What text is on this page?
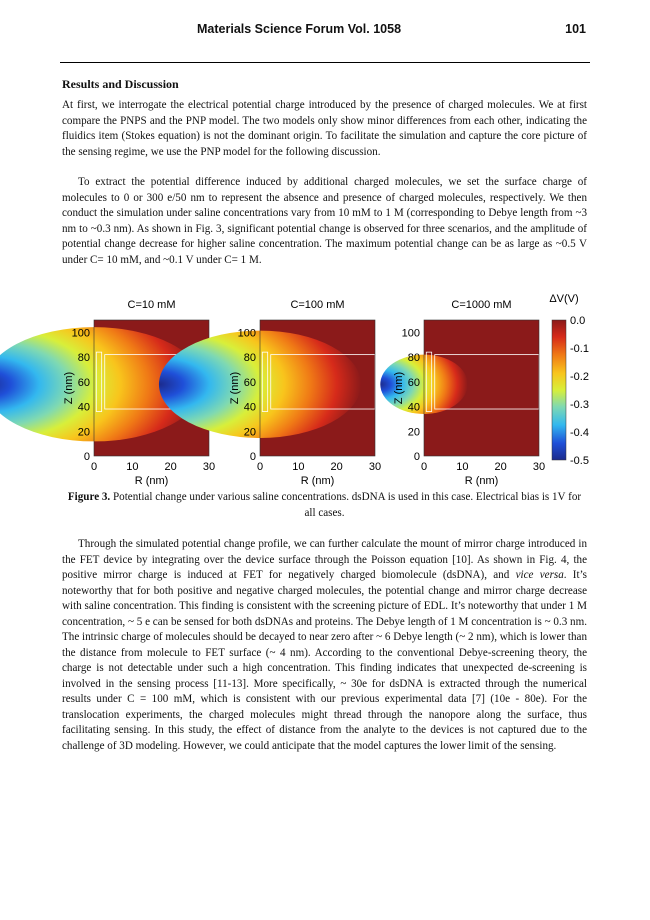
Materials Science Forum Vol. 1058	101
Results and Discussion

At first, we interrogate the electrical potential charge introduced by the presence of charged molecules. We at first compare the PNPS and the PNP model. The two models only show minor differences from each other, indicating the fluidics item (Stokes equation) is not the dominant origin. To facilitate the simulation and capture the core picture of the sensing regime, we use the PNP model for the following discussion.

To extract the potential difference induced by additional charged molecules, we set the surface charge of molecules to 0 or 300 e/50 nm to represent the absence and presence of charged molecules, respectively. We then conduct the simulation under saline concentrations vary from 10 mM to 1 M (corresponding to Debye length from ~3 nm to ~0.3 nm). As shown in Fig. 3, significant potential change is observed for three scenarios, and the amplitude of potential change decrease for higher saline concentration. The maximum potential change can be as large as ~0.5 V under C= 10 mM, and ~0.1 V under C= 1 M.

C=10 mM
0
20
40
60
80
100
0	10 20 30
R (nm)
Z (nm)
C=100 mM
0
20
40
60
80
100
0	10 20 30
R (nm)
Z (nm)
C=1000 mM
0
20
40
60
80
100
0	10 20 30
R (nm)
Z (nm)
ΔV(V)
0.0
-0.1
-0.2
-0.3
-0.4
-0.5
Figure 3. Potential change under various saline concentrations. dsDNA is used in this case. Electrical bias is 1V for all cases.

Through the simulated potential change profile, we can further calculate the mount of mirror charge introduced in the FET device by integrating over the device surface through the Poisson equation [10]. As shown in Fig. 4, the positive mirror charge is induced at FET for negatively charged biomolecule (dsDNA), and vice versa. It’s noteworthy that for both positive and negative charged molecules, the potential change and mirror charge decrease with saline concentration. This finding is consistent with the screening picture of EDL. It’s noteworthy that under 1 M concentration, ~ 5 e can be sensed for both dsDNAs and proteins. The Debye length of 1 M concentration is ~ 0.3 nm. The intrinsic charge of molecules should be decayed to near zero after ~ 6 Debye length (~ 2 nm), which is lower than the distance from molecule to FET surface (~ 4 nm). According to the conventional Debye-screening theory, the charge is not detectable under such a high concentration. This finding indicates that unexpected de-screening is involved in the sensing process [11-13]. More specifically, ~ 30e for dsDNA is extracted through the numerical results under C = 100 mM, which is consistent with our previous experimental data [7] (10e - 80e). For the translocation experiments, the charged molecules might thread through the nanopore along the surface, thus facilitating sensing. In this study, the effect of distance from the analyte to the devices is not captured due to the challenge of 3D modeling. However, we could anticipate that the model captures the lower limit of the sensing.
